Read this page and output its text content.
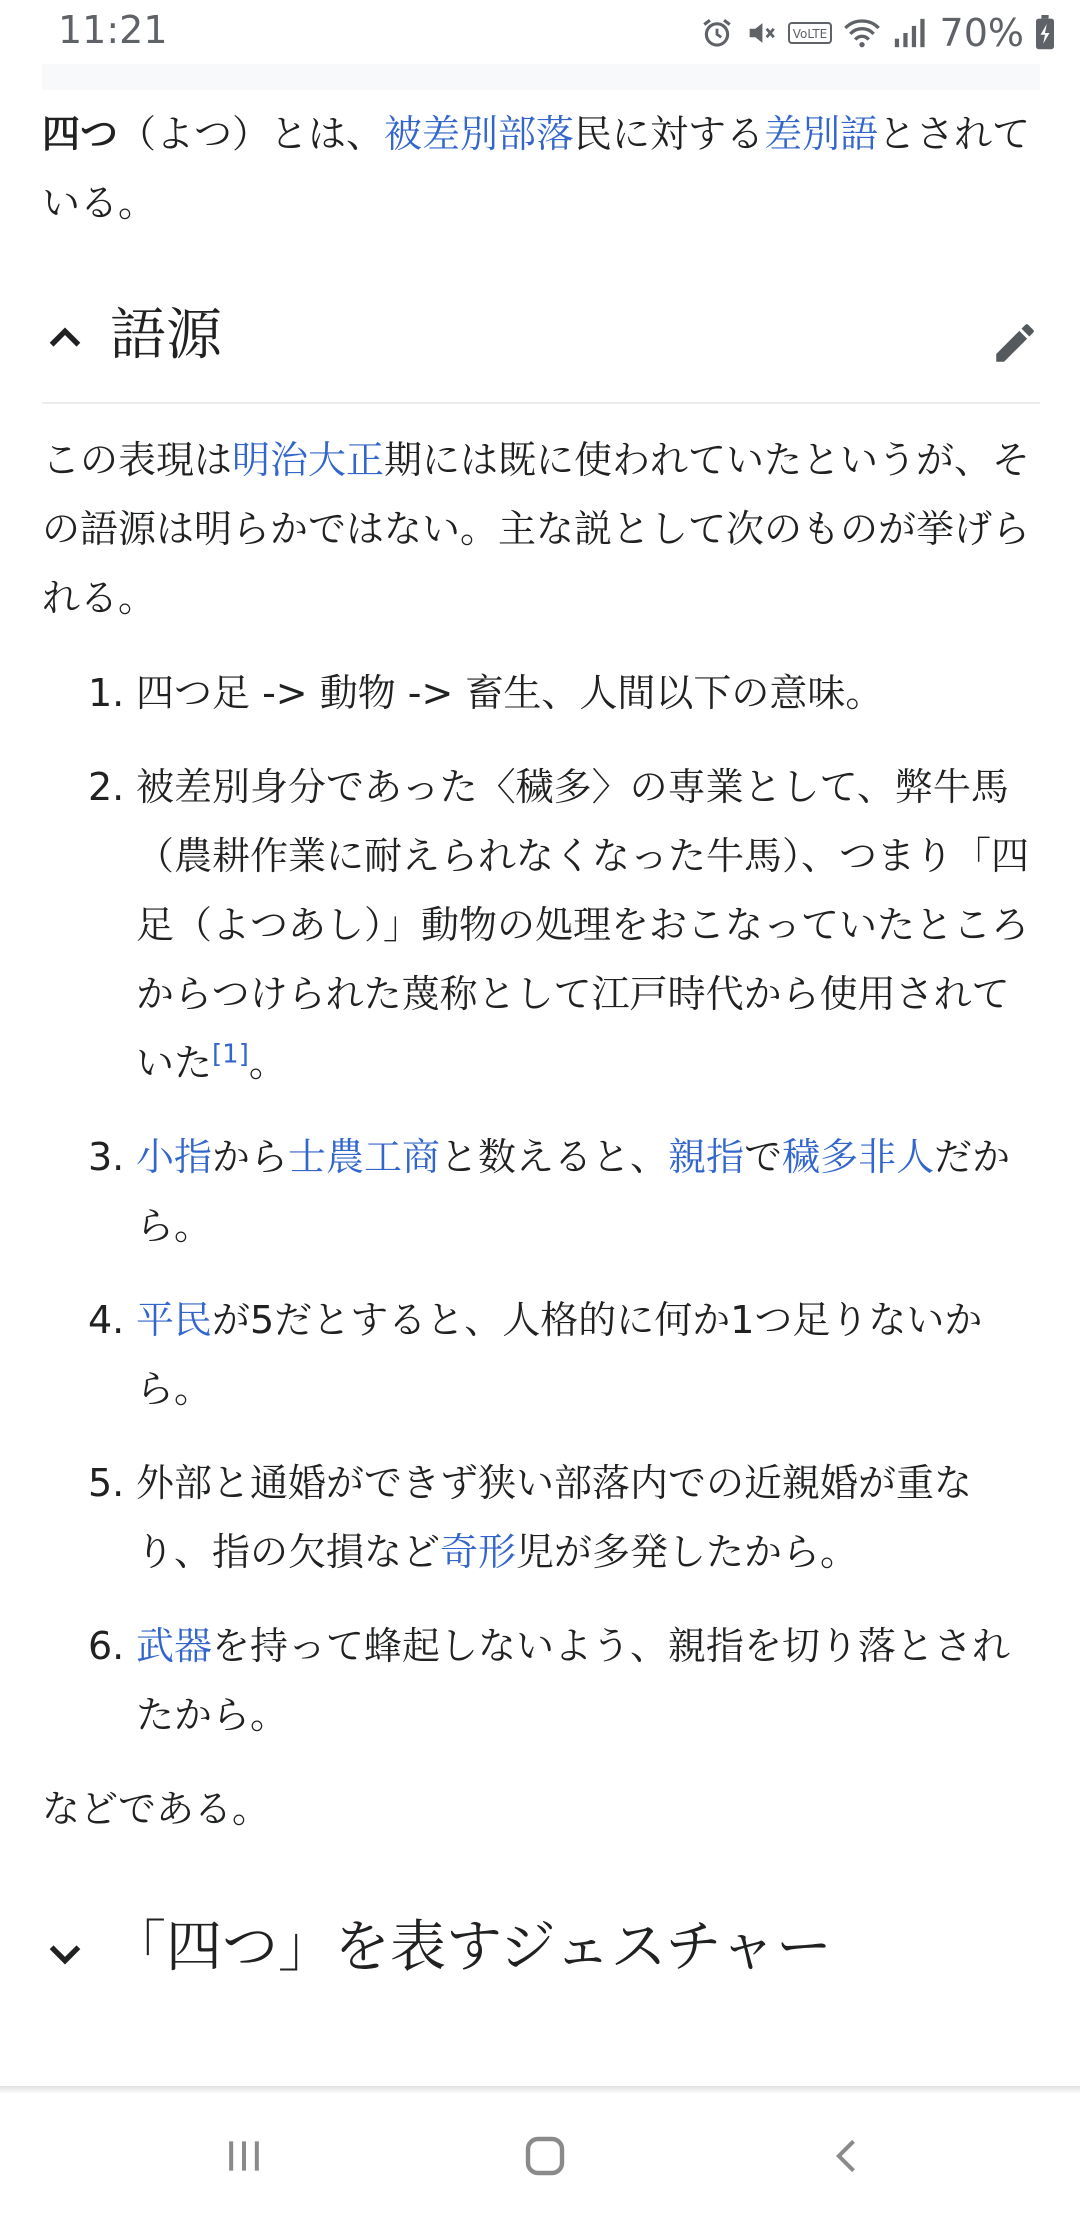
11:21	VoLTE	70%

四つ（よつ）とは、被差別部落民に対する差別語とされている。

語源

この表現は明治大正期には既に使われていたというが、その語源は明らかではない。主な説として次のものが挙げられる。

1. 四つ足 -> 動物 -> 畜生、人間以下の意味。
2. 被差別身分であった〈穢多〉の専業として、弊牛馬（農耕作業に耐えられなくなった牛馬）、つまり「四足（よつあし）」動物の処理をおこなっていたところからつけられた蔑称として江戸時代から使用されていた[1]。
3. 小指から士農工商と数えると、親指で穢多非人だから。
4. 平民が5だとすると、人格的に何か1つ足りないから。
5. 外部と通婚ができず狭い部落内での近親婚が重なり、指の欠損など奇形児が多発したから。
6. 武器を持って蜂起しないよう、親指を切り落とされたから。

などである。

「四つ」を表すジェスチャー
